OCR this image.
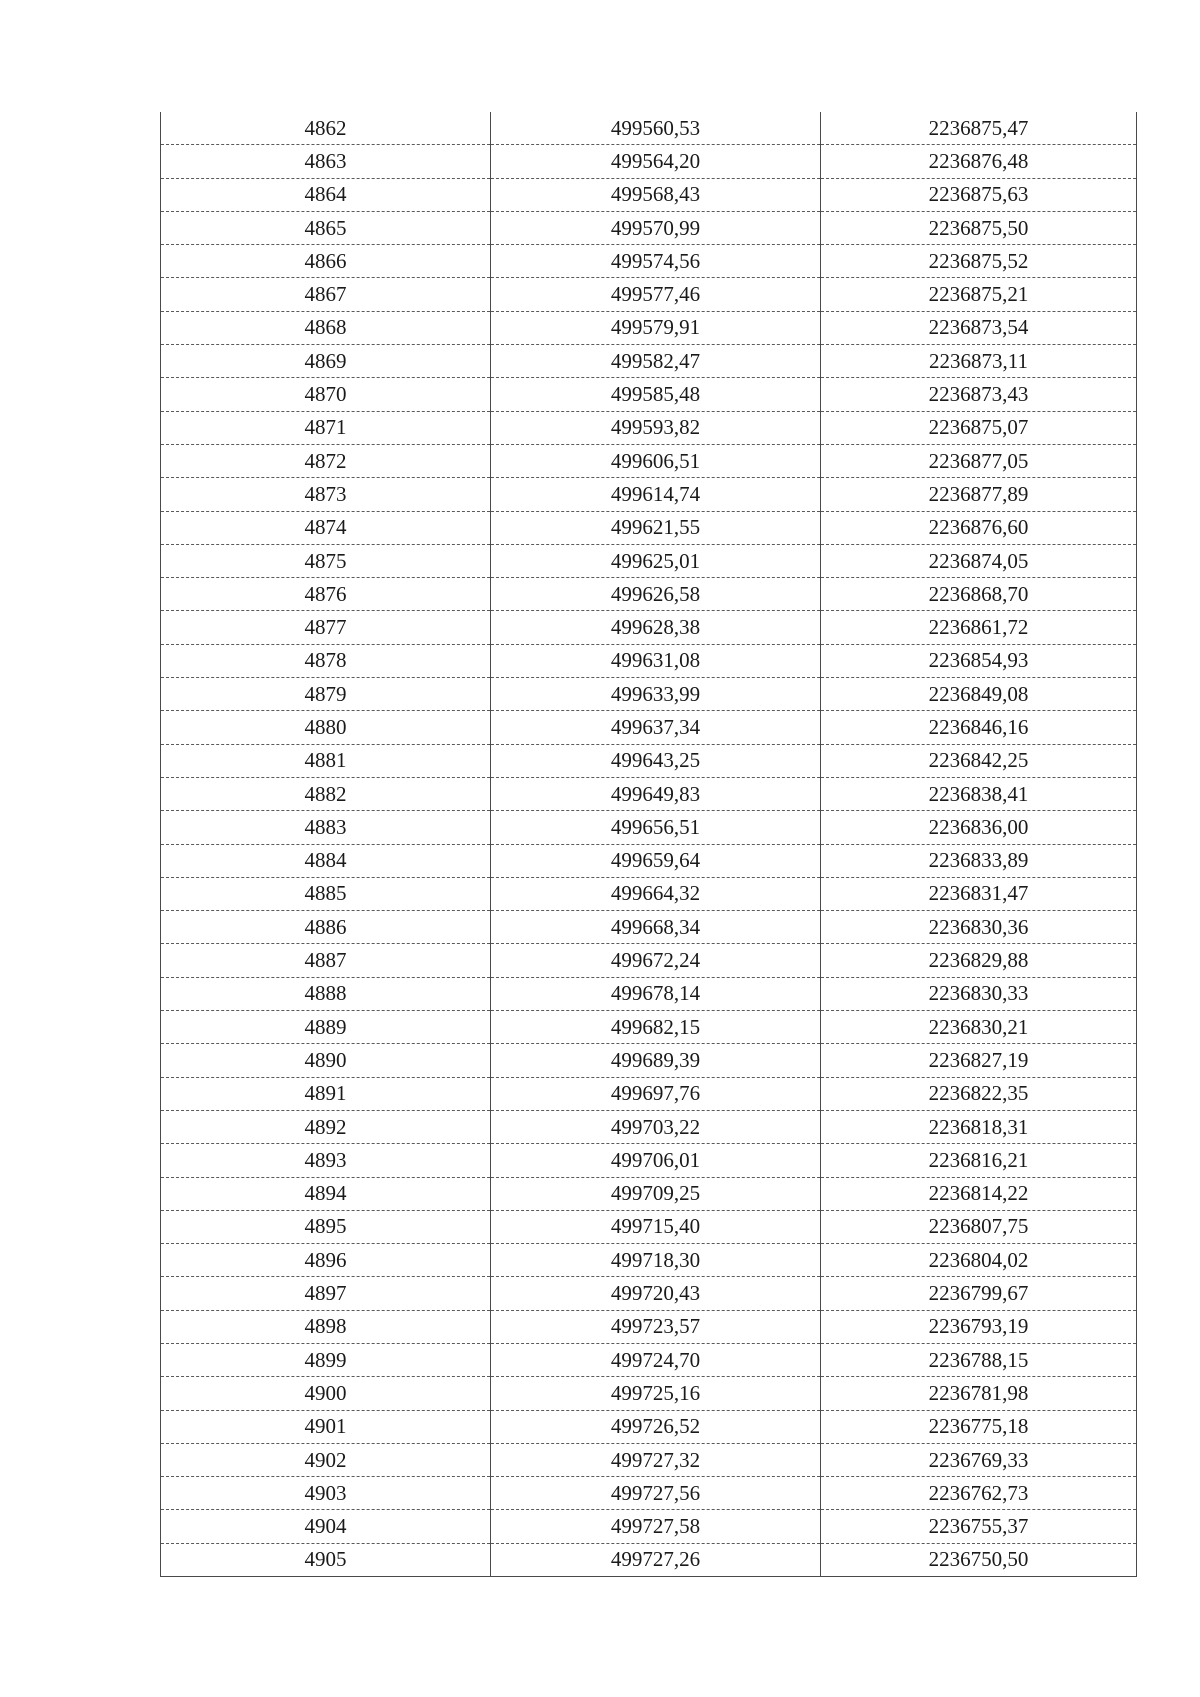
4862	499560,53	2236875,47
4863	499564,20	2236876,48
4864	499568,43	2236875,63
4865	499570,99	2236875,50
4866	499574,56	2236875,52
4867	499577,46	2236875,21
4868	499579,91	2236873,54
4869	499582,47	2236873,11
4870	499585,48	2236873,43
4871	499593,82	2236875,07
4872	499606,51	2236877,05
4873	499614,74	2236877,89
4874	499621,55	2236876,60
4875	499625,01	2236874,05
4876	499626,58	2236868,70
4877	499628,38	2236861,72
4878	499631,08	2236854,93
4879	499633,99	2236849,08
4880	499637,34	2236846,16
4881	499643,25	2236842,25
4882	499649,83	2236838,41
4883	499656,51	2236836,00
4884	499659,64	2236833,89
4885	499664,32	2236831,47
4886	499668,34	2236830,36
4887	499672,24	2236829,88
4888	499678,14	2236830,33
4889	499682,15	2236830,21
4890	499689,39	2236827,19
4891	499697,76	2236822,35
4892	499703,22	2236818,31
4893	499706,01	2236816,21
4894	499709,25	2236814,22
4895	499715,40	2236807,75
4896	499718,30	2236804,02
4897	499720,43	2236799,67
4898	499723,57	2236793,19
4899	499724,70	2236788,15
4900	499725,16	2236781,98
4901	499726,52	2236775,18
4902	499727,32	2236769,33
4903	499727,56	2236762,73
4904	499727,58	2236755,37
4905	499727,26	2236750,50
